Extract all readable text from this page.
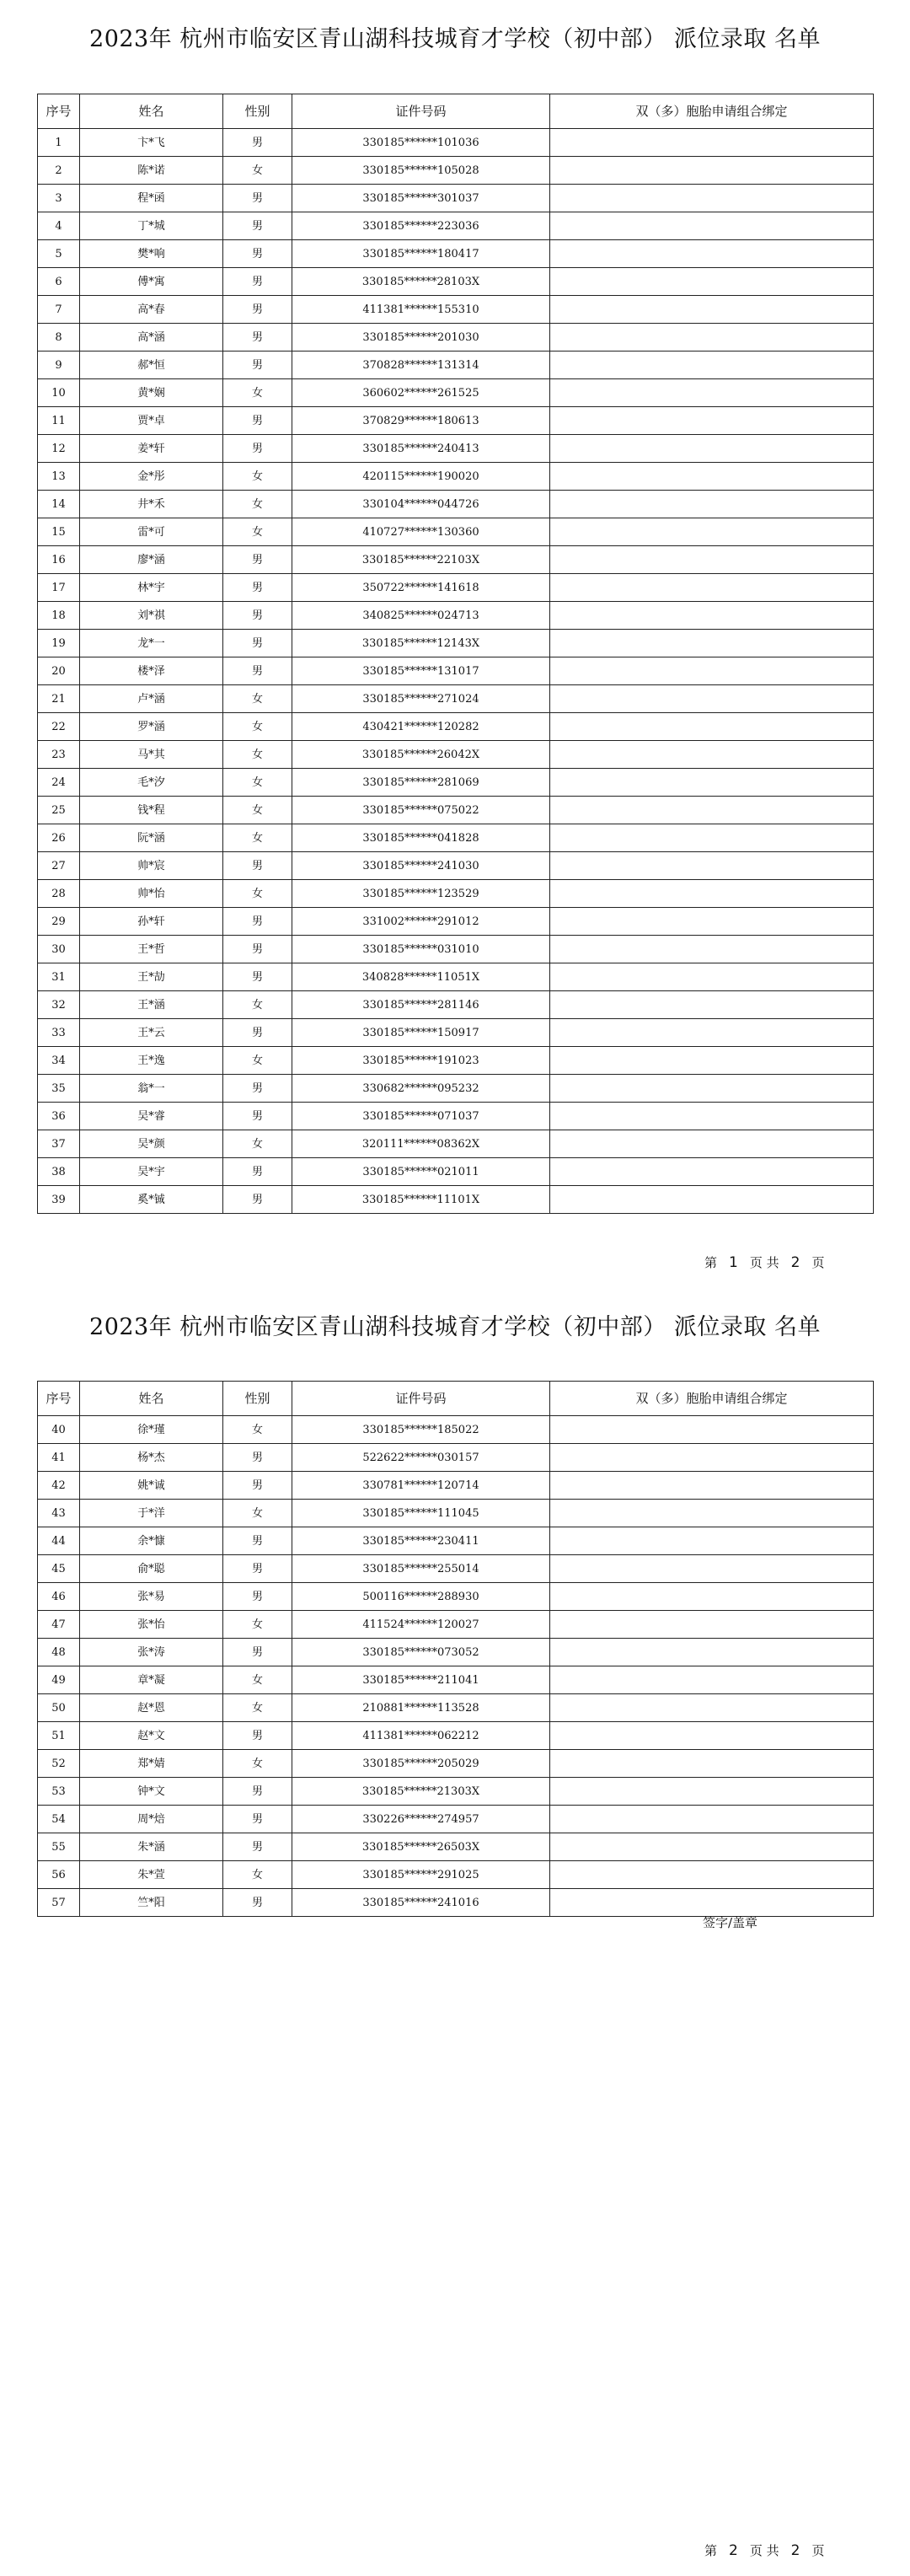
2023年 杭州市临安区青山湖科技城育才学校（初中部） 派位录取 名单
序号	姓名	性别	证件号码	双（多）胞胎申请组合绑定
1	卞*飞	男	330185******101036	
2	陈*诺	女	330185******105028	
3	程*函	男	330185******301037	
4	丁*城	男	330185******223036	
5	樊*响	男	330185******180417	
6	傅*寓	男	330185******28103X	
7	高*春	男	411381******155310	
8	高*涵	男	330185******201030	
9	郝*恒	男	370828******131314	
10	黄*娴	女	360602******261525	
11	贾*卓	男	370829******180613	
12	姜*轩	男	330185******240413	
13	金*彤	女	420115******190020	
14	井*禾	女	330104******044726	
15	雷*可	女	410727******130360	
16	廖*涵	男	330185******22103X	
17	林*宇	男	350722******141618	
18	刘*祺	男	340825******024713	
19	龙*一	男	330185******12143X	
20	楼*泽	男	330185******131017	
21	卢*涵	女	330185******271024	
22	罗*涵	女	430421******120282	
23	马*其	女	330185******26042X	
24	毛*汐	女	330185******281069	
25	钱*程	女	330185******075022	
26	阮*涵	女	330185******041828	
27	帅*宸	男	330185******241030	
28	帅*怡	女	330185******123529	
29	孙*轩	男	331002******291012	
30	王*哲	男	330185******031010	
31	王*劼	男	340828******11051X	
32	王*涵	女	330185******281146	
33	王*云	男	330185******150917	
34	王*逸	女	330185******191023	
35	翁*一	男	330682******095232	
36	吴*睿	男	330185******071037	
37	吴*颜	女	320111******08362X	
38	吴*宇	男	330185******021011	
39	奚*铖	男	330185******11101X	
第 1 页 共 2 页
2023年 杭州市临安区青山湖科技城育才学校（初中部） 派位录取 名单
序号	姓名	性别	证件号码	双（多）胞胎申请组合绑定
40	徐*瑾	女	330185******185022	
41	杨*杰	男	522622******030157	
42	姚*诚	男	330781******120714	
43	于*洋	女	330185******111045	
44	余*慷	男	330185******230411	
45	俞*聪	男	330185******255014	
46	张*易	男	500116******288930	
47	张*怡	女	411524******120027	
48	张*涛	男	330185******073052	
49	章*凝	女	330185******211041	
50	赵*恩	女	210881******113528	
51	赵*文	男	411381******062212	
52	郑*婧	女	330185******205029	
53	钟*文	男	330185******21303X	
54	周*焙	男	330226******274957	
55	朱*涵	男	330185******26503X	
56	朱*萱	女	330185******291025	
57	竺*阳	男	330185******241016	
签字/盖章
第 2 页 共 2 页
